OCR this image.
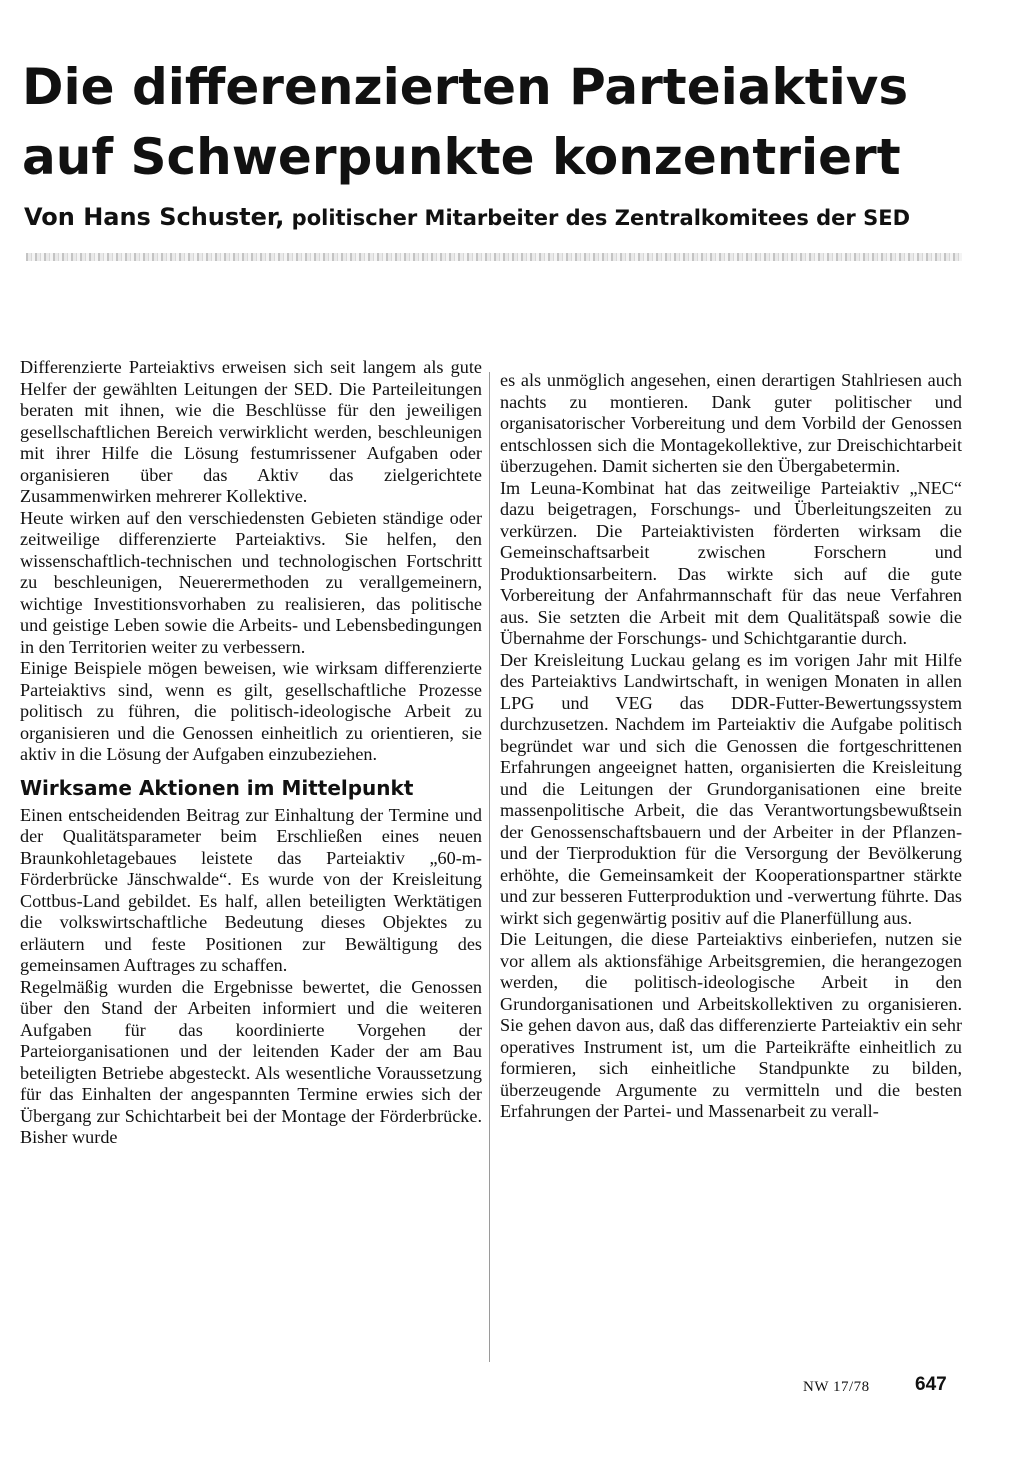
Die differenzierten Parteiaktivs
auf Schwerpunkte konzentriert
Von Hans Schuster, politischer Mitarbeiter des Zentralkomitees der SED

Differenzierte Parteiaktivs erweisen sich seit langem als gute Helfer der gewählten Leitungen der SED. Die Parteileitungen beraten mit ihnen, wie die Beschlüsse für den jeweiligen gesellschaftlichen Bereich verwirklicht werden, beschleunigen mit ihrer Hilfe die Lösung festumrissener Aufgaben oder organisieren über das Aktiv das zielgerichtete Zusammenwirken mehrerer Kollektive.

Heute wirken auf den verschiedensten Gebieten ständige oder zeitweilige differenzierte Parteiaktivs. Sie helfen, den wissenschaftlich-technischen und technologischen Fortschritt zu beschleunigen, Neuerermethoden zu verallgemeinern, wichtige Investitionsvorhaben zu realisieren, das politische und geistige Leben sowie die Arbeits- und Lebensbedingungen in den Territorien weiter zu verbessern.

Einige Beispiele mögen beweisen, wie wirksam differenzierte Parteiaktivs sind, wenn es gilt, gesellschaftliche Prozesse politisch zu führen, die politisch-ideologische Arbeit zu organisieren und die Genossen einheitlich zu orientieren, sie aktiv in die Lösung der Aufgaben einzubeziehen.

Wirksame Aktionen im Mittelpunkt

Einen entscheidenden Beitrag zur Einhaltung der Termine und der Qualitätsparameter beim Erschließen eines neuen Braunkohletagebaues leistete das Parteiaktiv „60-m-Förderbrücke Jänschwalde“. Es wurde von der Kreisleitung Cottbus-Land gebildet. Es half, allen beteiligten Werktätigen die volkswirtschaftliche Bedeutung dieses Objektes zu erläutern und feste Positionen zur Bewältigung des gemeinsamen Auftrages zu schaffen.

Regelmäßig wurden die Ergebnisse bewertet, die Genossen über den Stand der Arbeiten informiert und die weiteren Aufgaben für das koordinierte Vorgehen der Parteiorganisationen und der leitenden Kader der am Bau beteiligten Betriebe abgesteckt. Als wesentliche Voraussetzung für das Einhalten der angespannten Termine erwies sich der Übergang zur Schichtarbeit bei der Montage der Förderbrücke. Bisher wurde

es als unmöglich angesehen, einen derartigen Stahlriesen auch nachts zu montieren. Dank guter politischer und organisatorischer Vorbereitung und dem Vorbild der Genossen entschlossen sich die Montagekollektive, zur Dreischichtarbeit überzugehen. Damit sicherten sie den Übergabetermin.

Im Leuna-Kombinat hat das zeitweilige Parteiaktiv „NEC“ dazu beigetragen, Forschungs- und Überleitungszeiten zu verkürzen. Die Parteiaktivisten förderten wirksam die Gemeinschaftsarbeit zwischen Forschern und Produktionsarbeitern. Das wirkte sich auf die gute Vorbereitung der Anfahrmannschaft für das neue Verfahren aus. Sie setzten die Arbeit mit dem Qualitätspaß sowie die Übernahme der Forschungs- und Schichtgarantie durch.

Der Kreisleitung Luckau gelang es im vorigen Jahr mit Hilfe des Parteiaktivs Landwirtschaft, in wenigen Monaten in allen LPG und VEG das DDR-Futter-Bewertungssystem durchzusetzen. Nachdem im Parteiaktiv die Aufgabe politisch begründet war und sich die Genossen die fortgeschrittenen Erfahrungen angeeignet hatten, organisierten die Kreisleitung und die Leitungen der Grundorganisationen eine breite massenpolitische Arbeit, die das Verantwortungsbewußtsein der Genossenschaftsbauern und der Arbeiter in der Pflanzen- und der Tierproduktion für die Versorgung der Bevölkerung erhöhte, die Gemeinsamkeit der Kooperationspartner stärkte und zur besseren Futterproduktion und -verwertung führte. Das wirkt sich gegenwärtig positiv auf die Planerfüllung aus.

Die Leitungen, die diese Parteiaktivs einberiefen, nutzen sie vor allem als aktionsfähige Arbeitsgremien, die herangezogen werden, die politisch-ideologische Arbeit in den Grundorganisationen und Arbeitskollektiven zu organisieren. Sie gehen davon aus, daß das differenzierte Parteiaktiv ein sehr operatives Instrument ist, um die Parteikräfte einheitlich zu formieren, sich einheitliche Standpunkte zu bilden, überzeugende Argumente zu vermitteln und die besten Erfahrungen der Partei- und Massenarbeit zu verall-

NW 17/78 647
